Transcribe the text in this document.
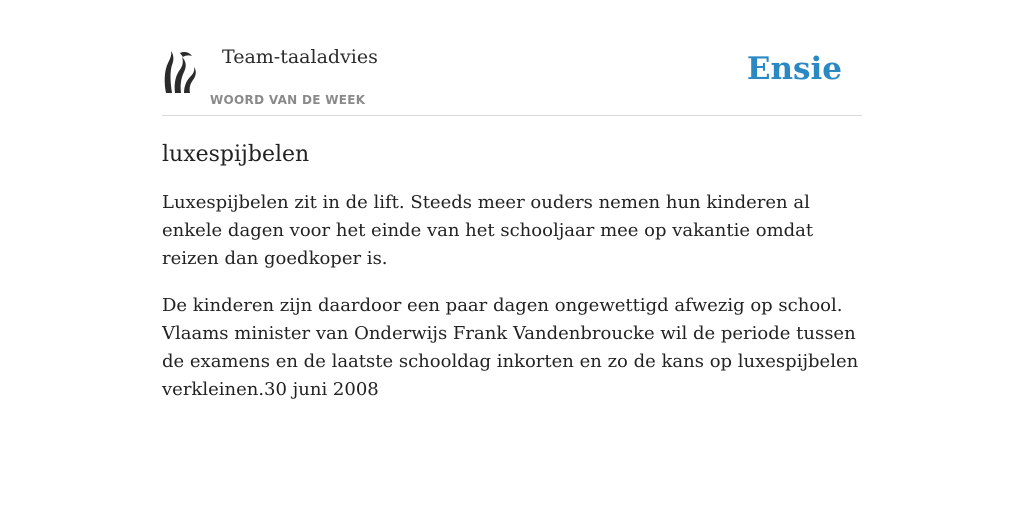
Team-taaladvies
WOORD VAN DE WEEK
Ensie
luxespijbelen

Luxespijbelen zit in de lift. Steeds meer ouders nemen hun kinderen al enkele dagen voor het einde van het schooljaar mee op vakantie omdat reizen dan goedkoper is.

De kinderen zijn daardoor een paar dagen ongewettigd afwezig op school. Vlaams minister van Onderwijs Frank Vandenbroucke wil de periode tussen de examens en de laatste schooldag inkorten en zo de kans op luxespijbelen verkleinen.30 juni 2008
